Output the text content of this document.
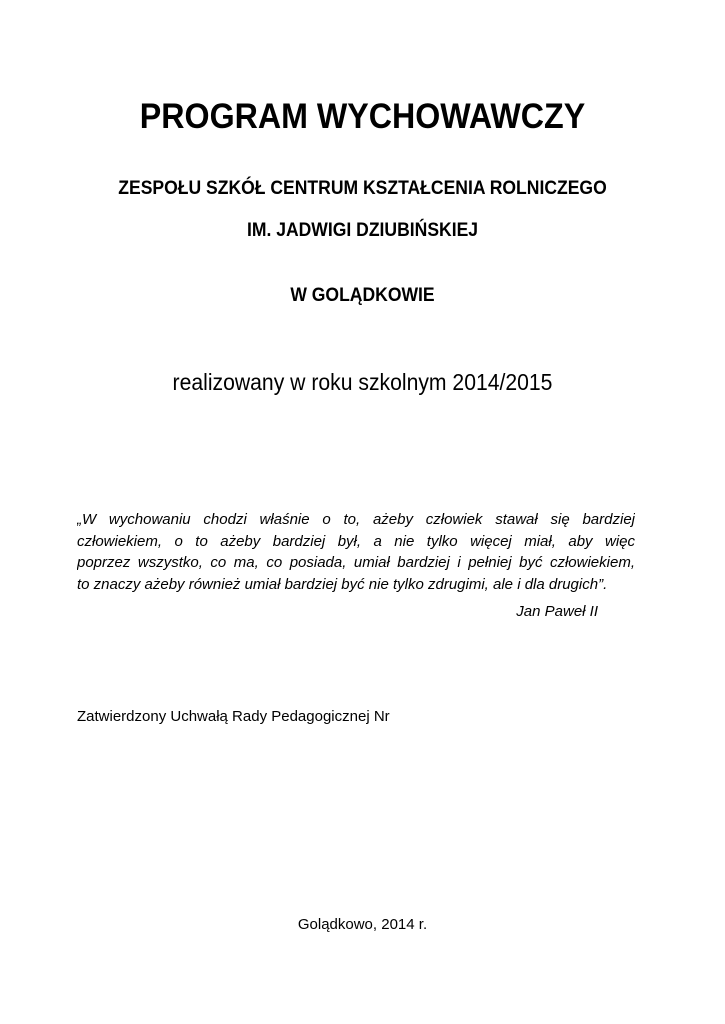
PROGRAM WYCHOWAWCZY
ZESPOŁU SZKÓŁ CENTRUM KSZTAŁCENIA ROLNICZEGO
IM. JADWIGI DZIUBIŃSKIEJ
W GOLĄDKOWIE
realizowany w roku szkolnym 2014/2015
„W wychowaniu chodzi właśnie o to, ażeby człowiek stawał się bardziej
człowiekiem, o to ażeby bardziej był, a nie tylko więcej miał, aby więc
poprzez wszystko, co ma, co posiada, umiał bardziej i pełniej być człowiekiem,
to znaczy ażeby również umiał bardziej być nie tylko zdrugimi, ale i dla drugich”.
Jan Paweł II
Zatwierdzony Uchwałą Rady Pedagogicznej Nr
Golądkowo, 2014 r.
